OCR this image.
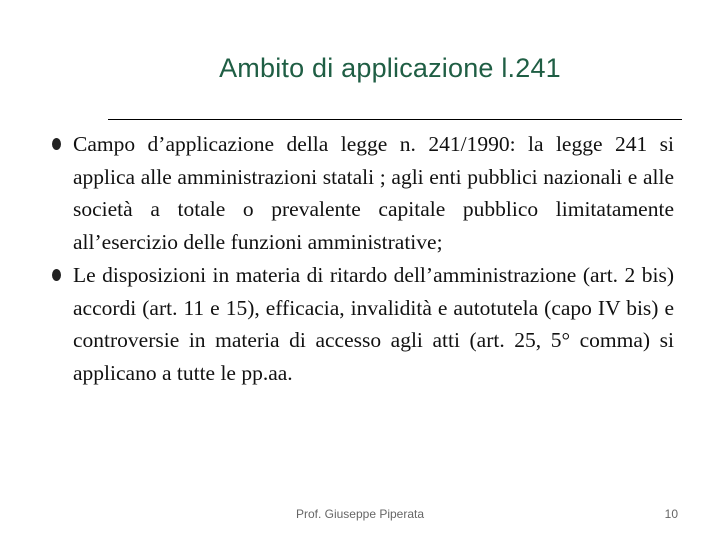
Ambito di applicazione l.241
Campo d’applicazione della legge n. 241/1990: la legge 241 si applica alle amministrazioni statali ; agli enti pubblici nazionali e alle società a totale o prevalente capitale pubblico limitatamente all’esercizio delle funzioni amministrative;
Le disposizioni in materia di ritardo dell’amministrazione (art. 2 bis) accordi (art. 11 e 15), efficacia, invalidità e autotutela (capo IV bis) e controversie in materia di accesso agli atti (art. 25, 5° comma) si applicano a tutte le pp.aa.
Prof. Giuseppe Piperata	10
